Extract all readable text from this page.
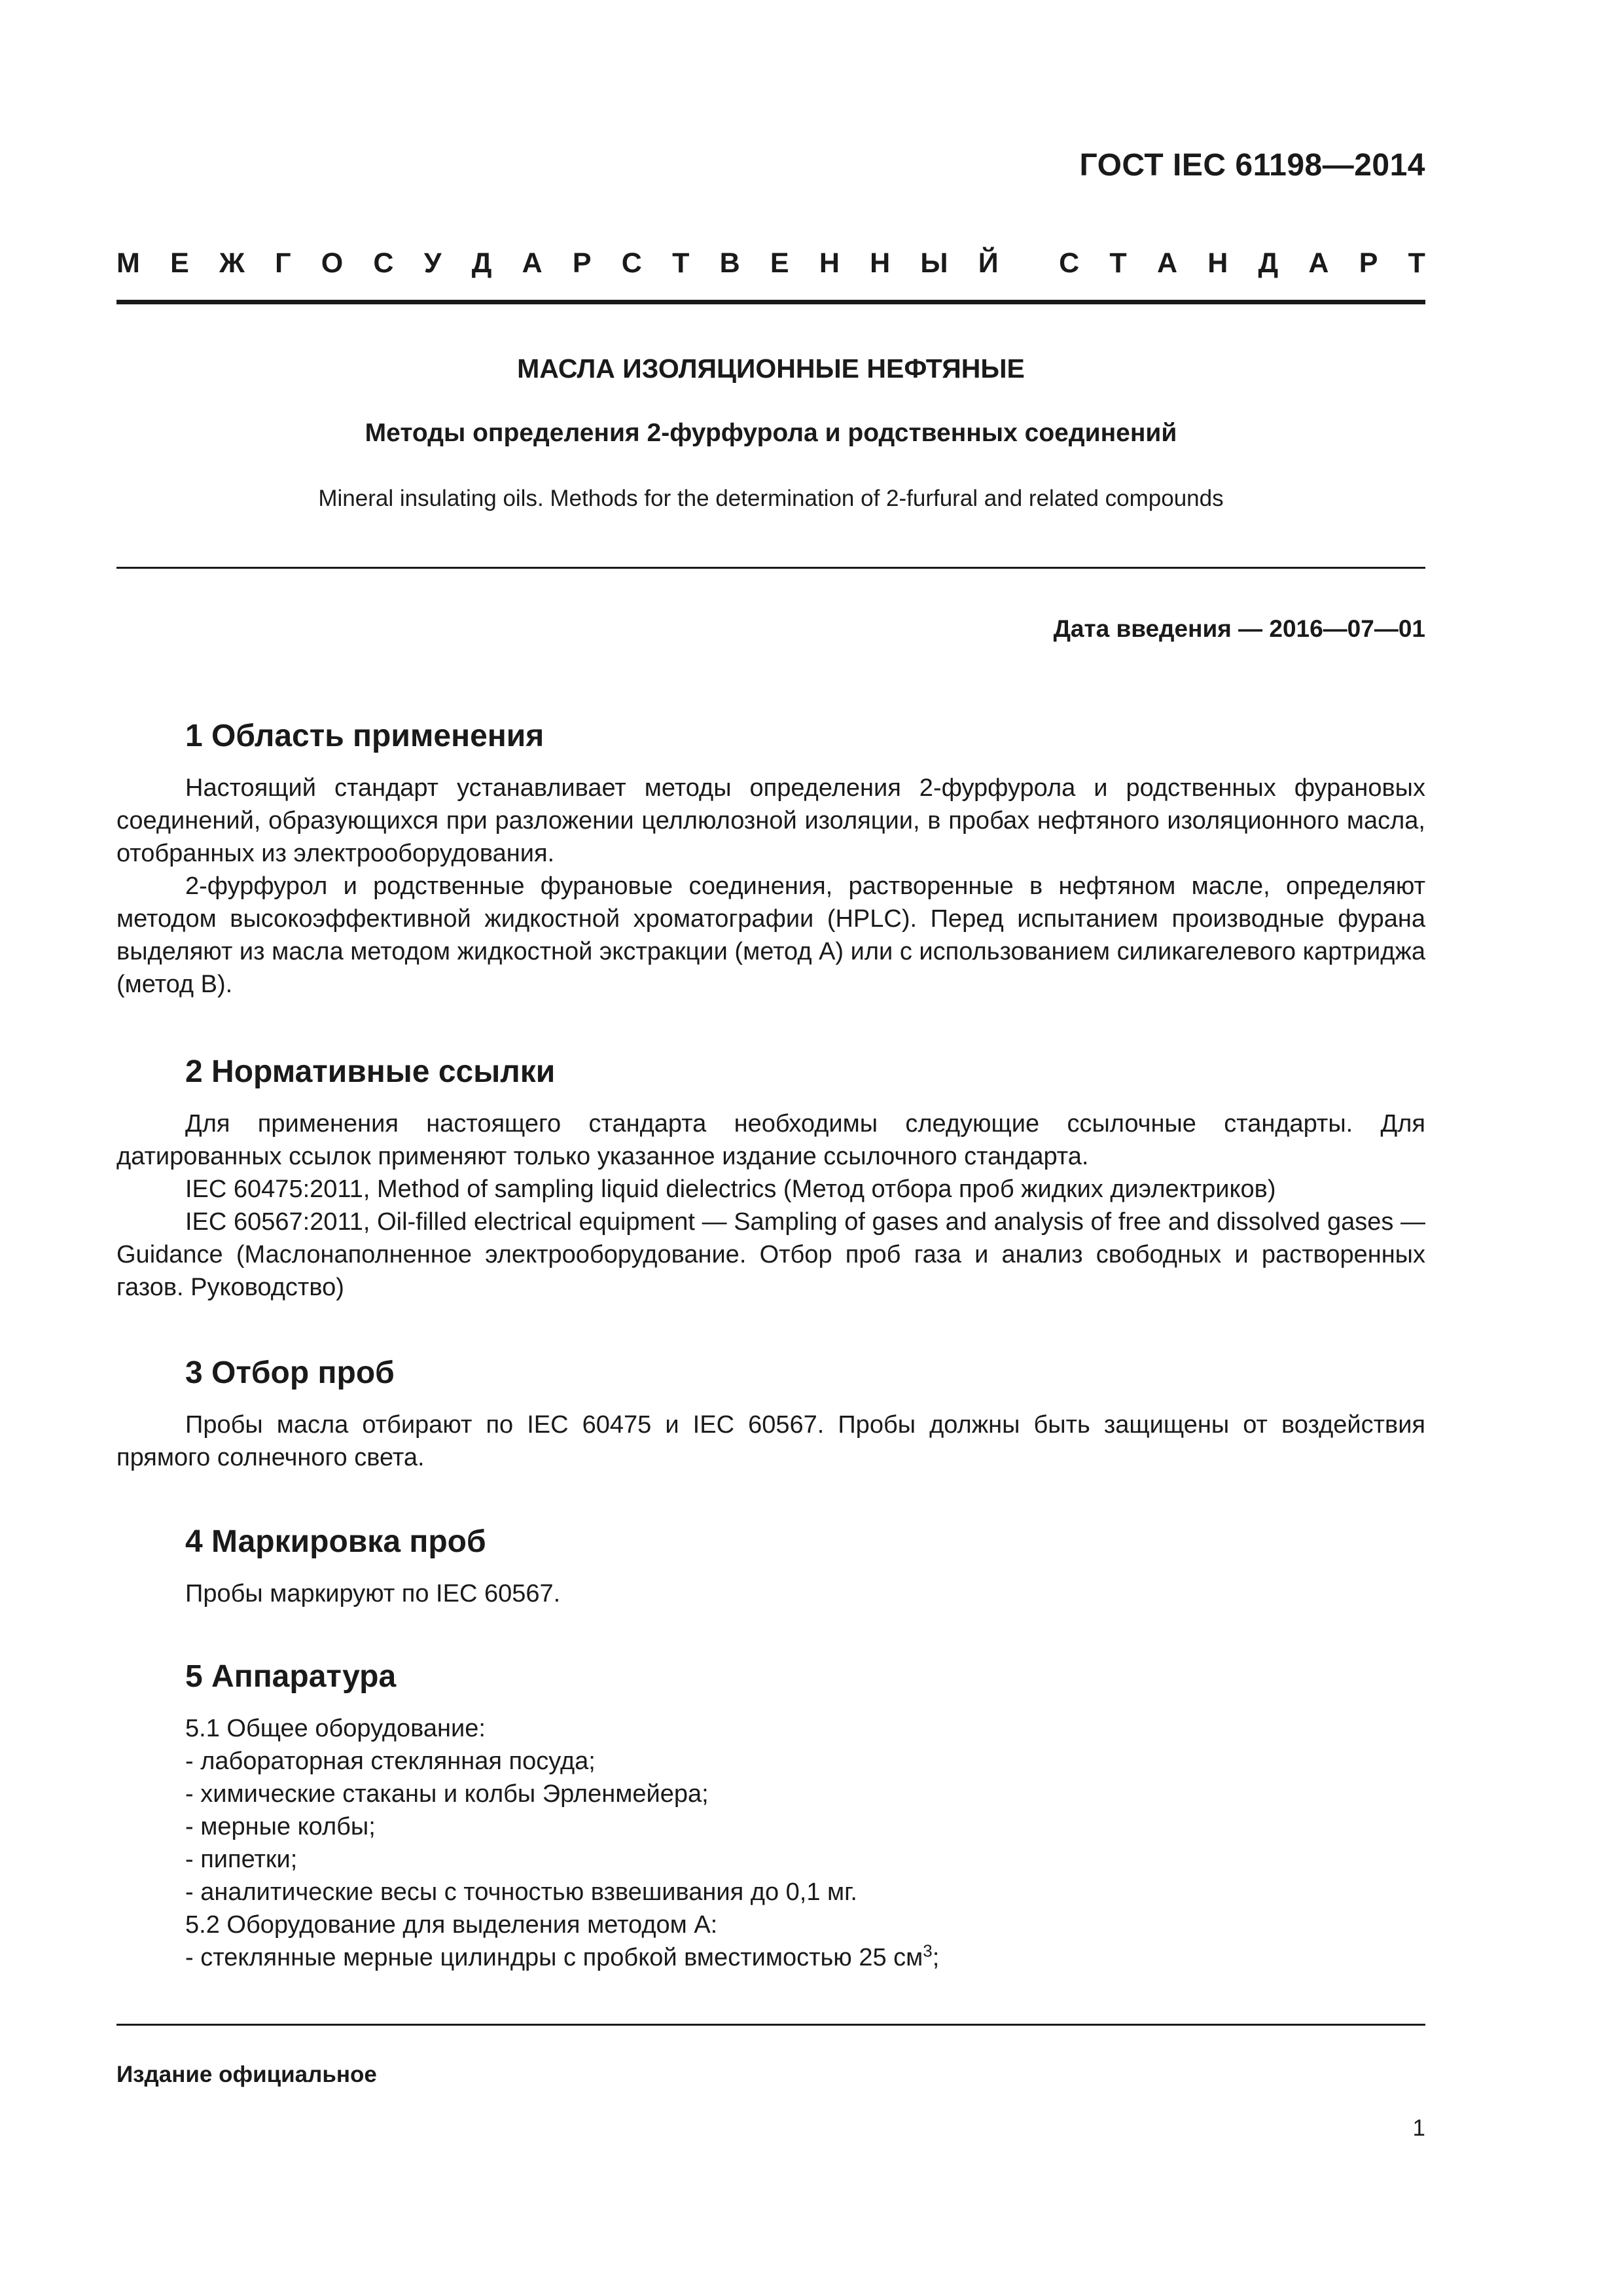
ГОСТ IEC 61198—2014
М Е Ж Г О С У Д А Р С Т В Е Н Н Ы Й С Т А Н Д А Р Т
МАСЛА ИЗОЛЯЦИОННЫЕ НЕФТЯНЫЕ
Методы определения 2-фурфурола и родственных соединений
Mineral insulating oils. Methods for the determination of 2-furfural and related compounds
Дата введения — 2016—07—01
1 Область применения

Настоящий стандарт устанавливает методы определения 2-фурфурола и родственных фурановых соединений, образующихся при разложении целлюлозной изоляции, в пробах нефтяного изоляционного масла, отобранных из электрооборудования.

2-фурфурол и родственные фурановые соединения, растворенные в нефтяном масле, определяют методом высокоэффективной жидкостной хроматографии (HPLC). Перед испытанием производные фурана выделяют из масла методом жидкостной экстракции (метод А) или с использованием силикагелевого картриджа (метод В).

2 Нормативные ссылки

Для применения настоящего стандарта необходимы следующие ссылочные стандарты. Для датированных ссылок применяют только указанное издание ссылочного стандарта.

IEC 60475:2011, Method of sampling liquid dielectrics (Метод отбора проб жидких диэлектриков)

IEC 60567:2011, Oil-filled electrical equipment — Sampling of gases and analysis of free and dissolved gases — Guidance (Маслонаполненное электрооборудование. Отбор проб газа и анализ свободных и растворенных газов. Руководство)

3 Отбор проб

Пробы масла отбирают по IEC 60475 и IEC 60567. Пробы должны быть защищены от воздействия прямого солнечного света.

4 Маркировка проб

Пробы маркируют по IEC 60567.

5 Аппаратура

5.1 Общее оборудование:

- лабораторная стеклянная посуда;

- химические стаканы и колбы Эрленмейера;

- мерные колбы;

- пипетки;

- аналитические весы с точностью взвешивания до 0,1 мг.

5.2 Оборудование для выделения методом А:

- стеклянные мерные цилиндры с пробкой вместимостью 25 $см^3$;

Издание официальное
1
